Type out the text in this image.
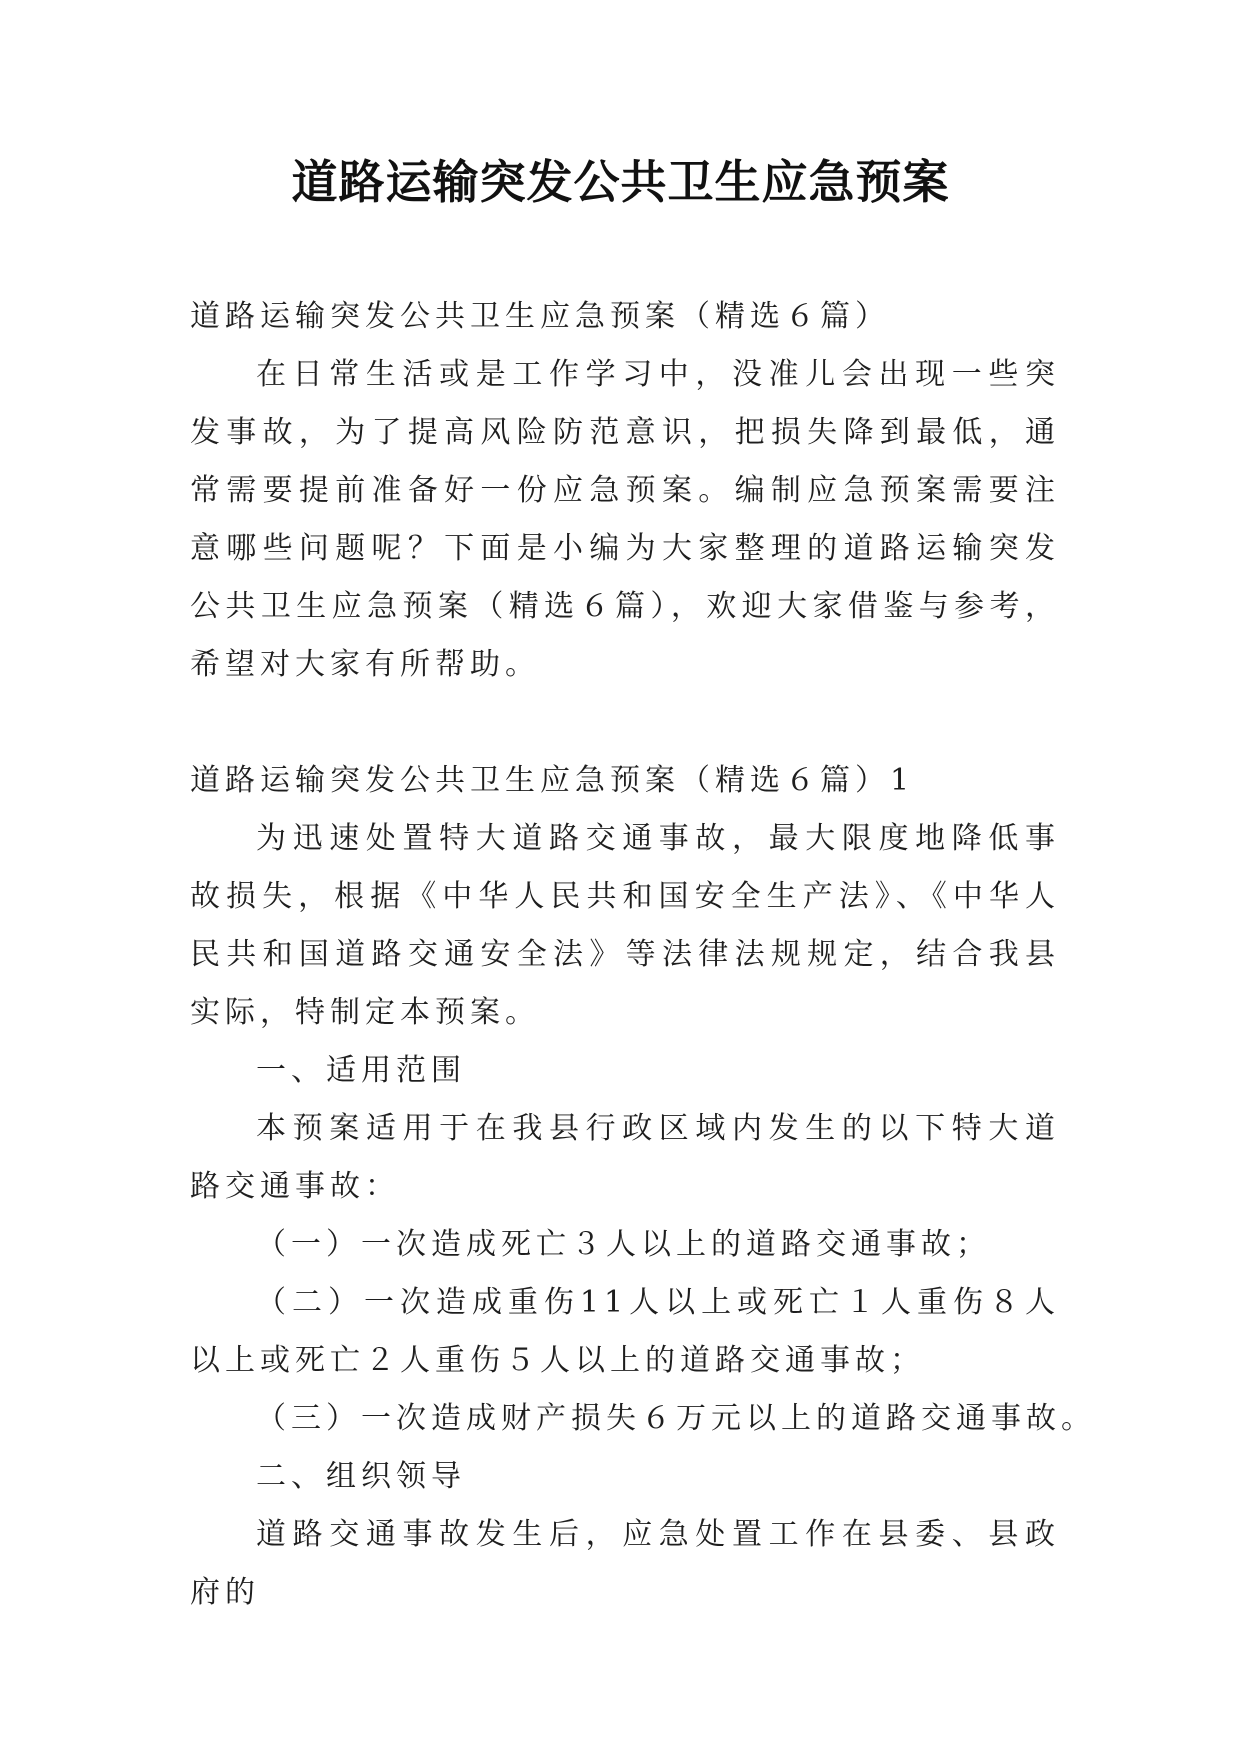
道路运输突发公共卫生应急预案

道路运输突发公共卫生应急预案（精选６篇）

在日常生活或是工作学习中，没准儿会出现一些突发事故，为了提高风险防范意识，把损失降到最低，通常需要提前准备好一份应急预案。编制应急预案需要注意哪些问题呢？下面是小编为大家整理的道路运输突发公共卫生应急预案（精选６篇），欢迎大家借鉴与参考，希望对大家有所帮助。

道路运输突发公共卫生应急预案（精选６篇）1

为迅速处置特大道路交通事故，最大限度地降低事故损失，根据《中华人民共和国安全生产法》、《中华人民共和国道路交通安全法》等法律法规规定，结合我县实际，特制定本预案。

一、适用范围

本预案适用于在我县行政区域内发生的以下特大道路交通事故：

（一）一次造成死亡３人以上的道路交通事故；

（二）一次造成重伤11人以上或死亡１人重伤８人以上或死亡２人重伤５人以上的道路交通事故；

（三）一次造成财产损失６万元以上的道路交通事故。

二、组织领导

道路交通事故发生后，应急处置工作在县委、县政府的
